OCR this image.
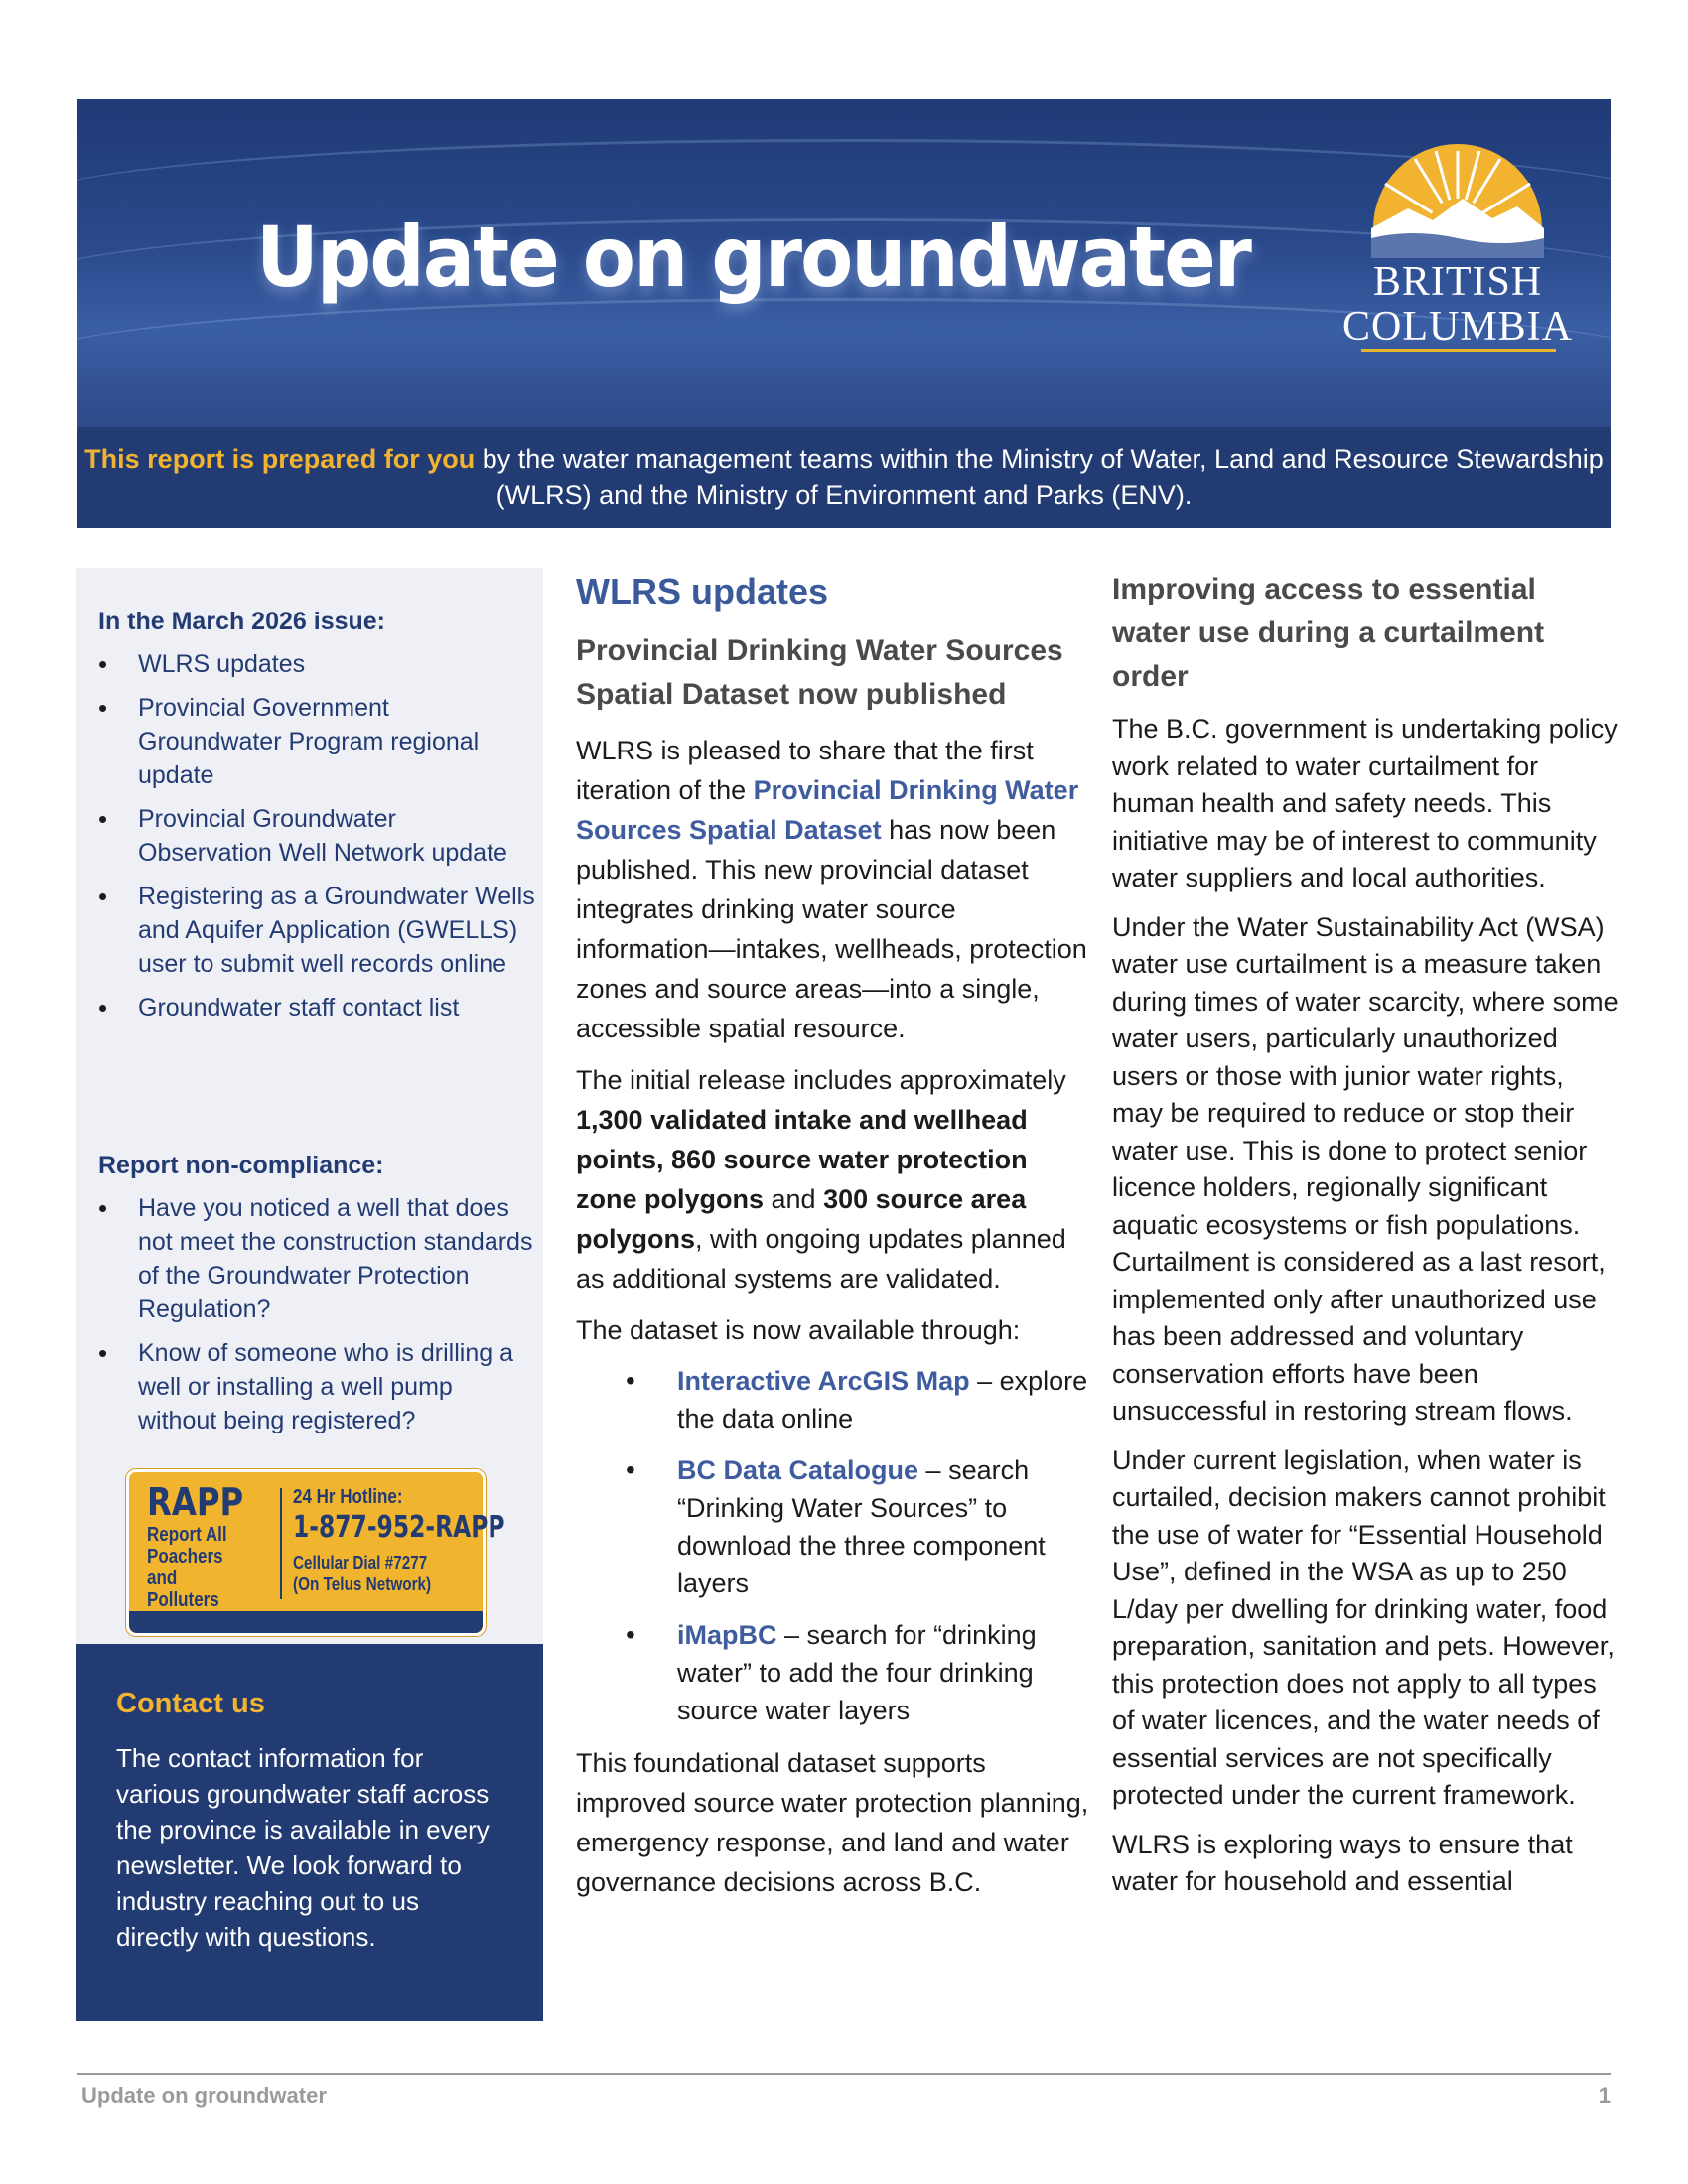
Update on groundwater	BRITISH
COLUMBIA
This report is prepared for you by the water management teams within the Ministry of Water, Land and Resource Stewardship (WLRS) and the Ministry of Environment and Parks (ENV).
In the March 2026 issue:
• WLRS updates
• Provincial Government Groundwater Program regional update
• Provincial Groundwater Observation Well Network update
• Registering as a Groundwater Wells and Aquifer Application (GWELLS) user to submit well records online
• Groundwater staff contact list
Report non-compliance:
• Have you noticed a well that does not meet the construction standards of the Groundwater Protection Regulation?
• Know of someone who is drilling a well or installing a well pump without being registered?
RAPP
Report All
Poachers and
Polluters
24 Hr Hotline:
1-877-952-RAPP
Cellular Dial #7277
(On Telus Network)
Contact us

The contact information for various groundwater staff across the province is available in every newsletter. We look forward to industry reaching out to us directly with questions.

WLRS updates
Provincial Drinking Water Sources Spatial Dataset now published

WLRS is pleased to share that the first iteration of the Provincial Drinking Water Sources Spatial Dataset has now been published. This new provincial dataset integrates drinking water source information—intakes, wellheads, protection zones and source areas—into a single, accessible spatial resource.

The initial release includes approximately 1,300 validated intake and wellhead points, 860 source water protection zone polygons and 300 source area polygons, with ongoing updates planned as additional systems are validated.

The dataset is now available through:

• Interactive ArcGIS Map – explore the data online
• BC Data Catalogue – search “Drinking Water Sources” to download the three component layers
• iMapBC – search for “drinking water” to add the four drinking source water layers

This foundational dataset supports improved source water protection planning, emergency response, and land and water governance decisions across B.C.

Improving access to essential water use during a curtailment order

The B.C. government is undertaking policy work related to water curtailment for human health and safety needs. This initiative may be of interest to community water suppliers and local authorities.

Under the Water Sustainability Act (WSA) water use curtailment is a measure taken during times of water scarcity, where some water users, particularly unauthorized users or those with junior water rights, may be required to reduce or stop their water use. This is done to protect senior licence holders, regionally significant aquatic ecosystems or fish populations. Curtailment is considered as a last resort, implemented only after unauthorized use has been addressed and voluntary conservation efforts have been unsuccessful in restoring stream flows.

Under current legislation, when water is curtailed, decision makers cannot prohibit the use of water for “Essential Household Use”, defined in the WSA as up to 250 L/day per dwelling for drinking water, food preparation, sanitation and pets. However, this protection does not apply to all types of water licences, and the water needs of essential services are not specifically protected under the current framework.

WLRS is exploring ways to ensure that water for household and essential

Update on groundwater	1
